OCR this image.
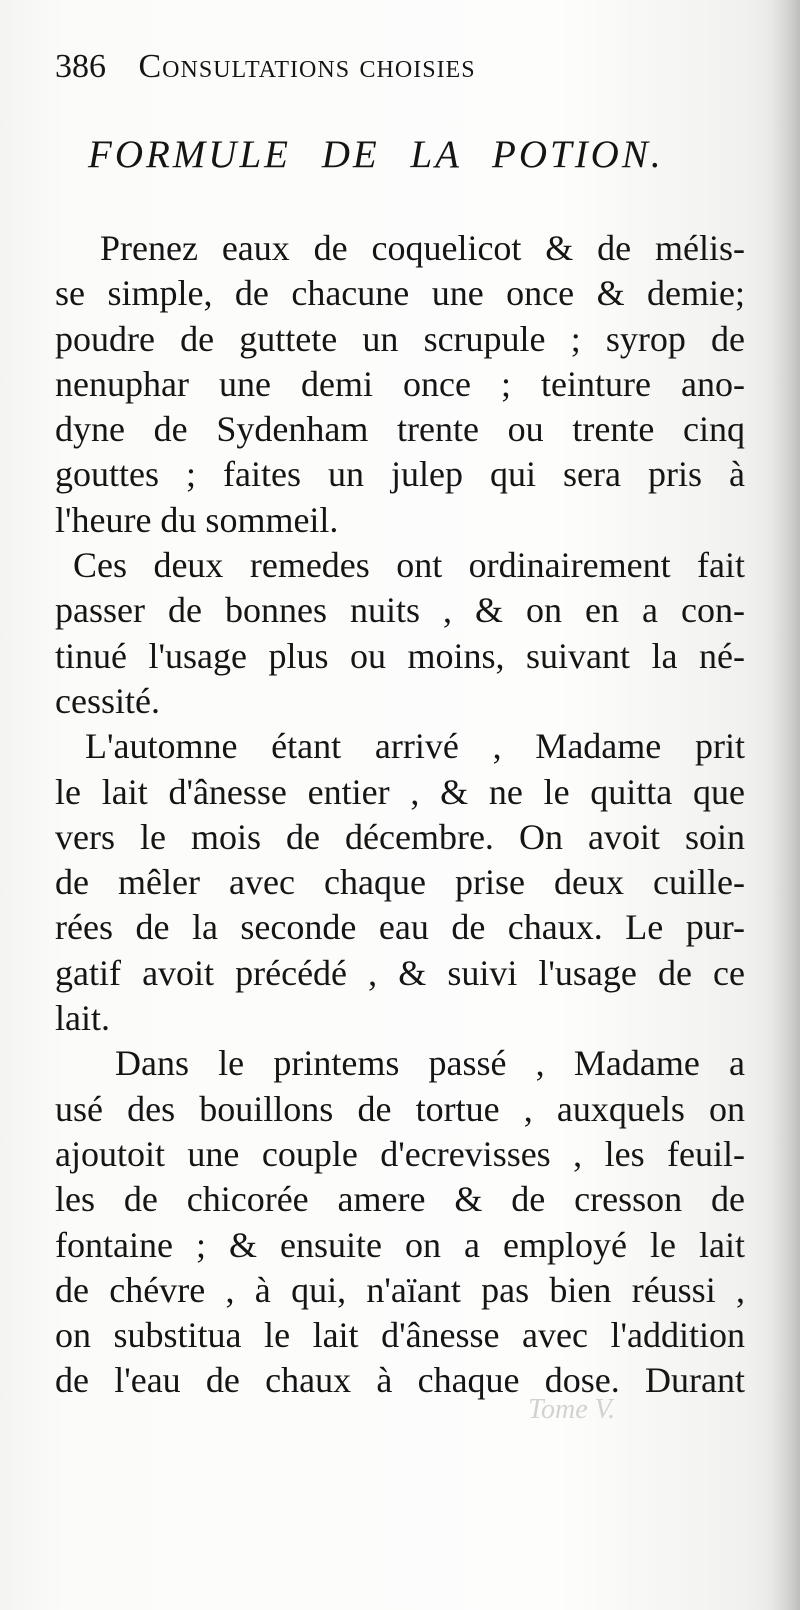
386 Consultations choisies
FORMULE DE LA POTION.
Prenez eaux de coquelicot & de mélis-
se simple, de chacune une once & demie;
poudre de guttete un scrupule ; syrop de
nenuphar une demi once ; teinture ano-
dyne de Sydenham trente ou trente cinq
gouttes ; faites un julep qui sera pris à
l'heure du sommeil.
Ces deux remedes ont ordinairement fait
passer de bonnes nuits , & on en a con-
tinué l'usage plus ou moins, suivant la né-
cessité.
L'automne étant arrivé , Madame prit
le lait d'ânesse entier , & ne le quitta que
vers le mois de décembre. On avoit soin
de mêler avec chaque prise deux cuille-
rées de la seconde eau de chaux. Le pur-
gatif avoit précédé , & suivi l'usage de ce
lait.
Dans le printems passé , Madame a
usé des bouillons de tortue , auxquels on
ajoutoit une couple d'ecrevisses , les feuil-
les de chicorée amere & de cresson de
fontaine ; & ensuite on a employé le lait
de chévre , à qui, n'aïant pas bien réussi ,
on substitua le lait d'ânesse avec l'addition
de l'eau de chaux à chaque dose. Durant
Tome V.
